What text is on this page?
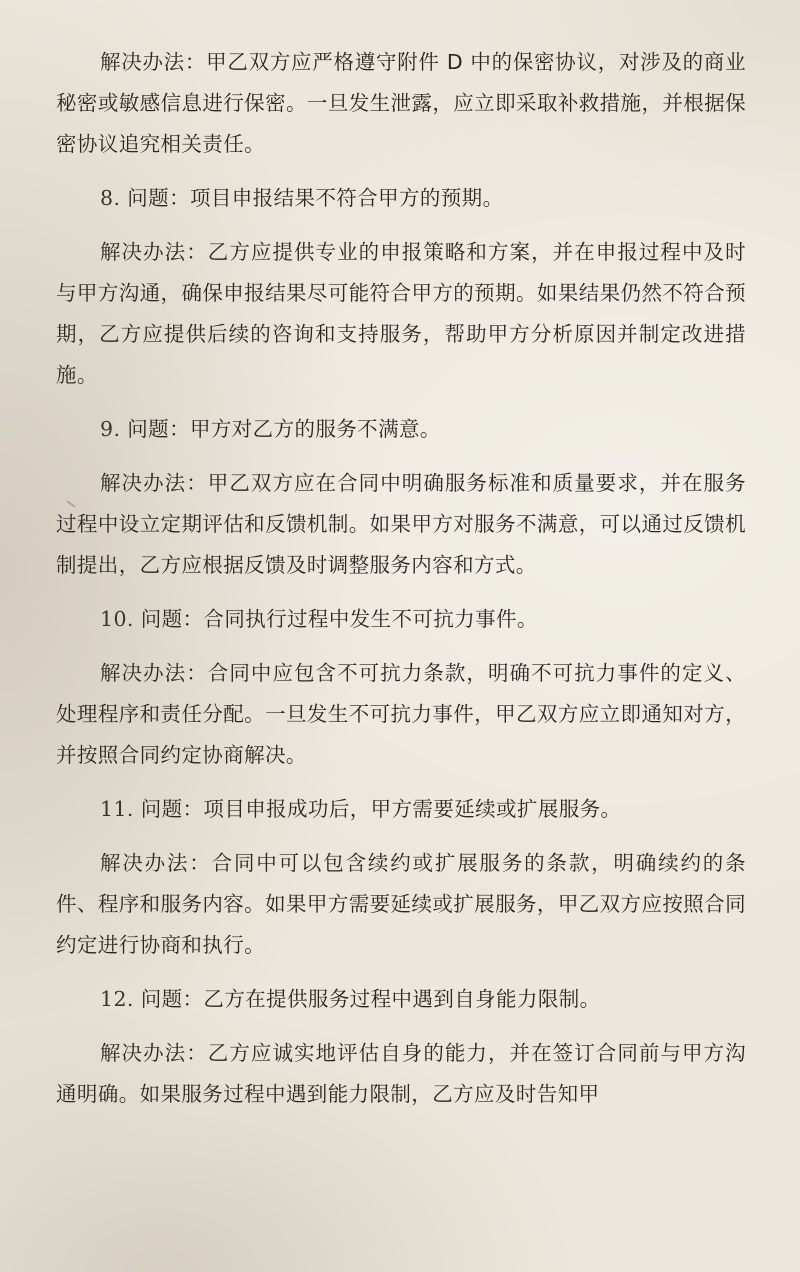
解决办法：甲乙双方应严格遵守附件 D 中的保密协议，对涉及的商业秘密或敏感信息进行保密。一旦发生泄露，应立即采取补救措施，并根据保密协议追究相关责任。

8. 问题：项目申报结果不符合甲方的预期。

解决办法：乙方应提供专业的申报策略和方案，并在申报过程中及时与甲方沟通，确保申报结果尽可能符合甲方的预期。如果结果仍然不符合预期，乙方应提供后续的咨询和支持服务，帮助甲方分析原因并制定改进措施。

9. 问题：甲方对乙方的服务不满意。

解决办法：甲乙双方应在合同中明确服务标准和质量要求，并在服务过程中设立定期评估和反馈机制。如果甲方对服务不满意，可以通过反馈机制提出，乙方应根据反馈及时调整服务内容和方式。

10. 问题：合同执行过程中发生不可抗力事件。

解决办法：合同中应包含不可抗力条款，明确不可抗力事件的定义、处理程序和责任分配。一旦发生不可抗力事件，甲乙双方应立即通知对方，并按照合同约定协商解决。

11. 问题：项目申报成功后，甲方需要延续或扩展服务。

解决办法：合同中可以包含续约或扩展服务的条款，明确续约的条件、程序和服务内容。如果甲方需要延续或扩展服务，甲乙双方应按照合同约定进行协商和执行。

12. 问题：乙方在提供服务过程中遇到自身能力限制。

解决办法：乙方应诚实地评估自身的能力，并在签订合同前与甲方沟通明确。如果服务过程中遇到能力限制，乙方应及时告知甲
